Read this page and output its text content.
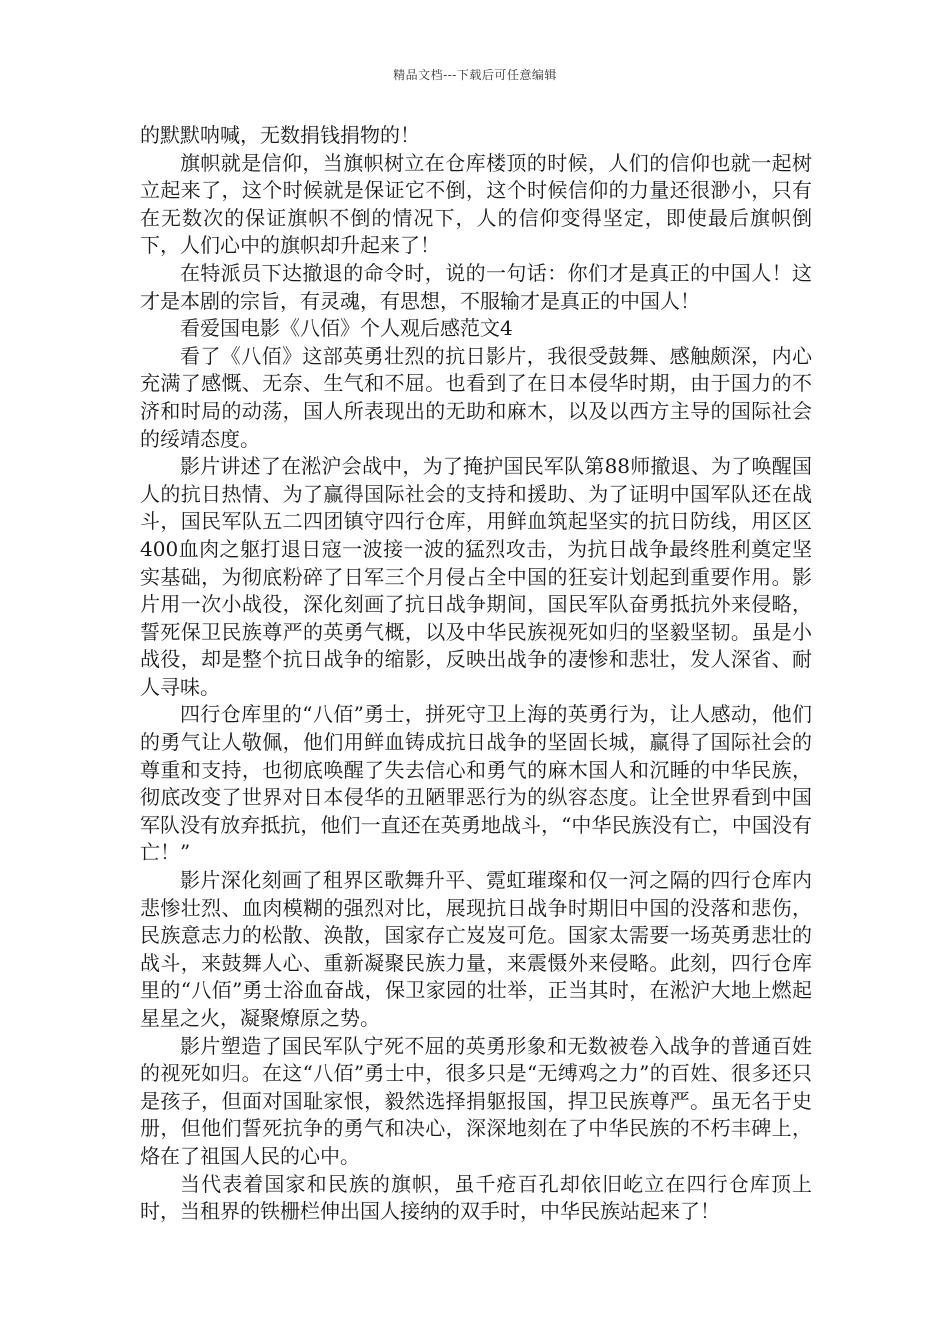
精品文档---下载后可任意编辑

的默默呐喊，无数捐钱捐物的！

旗帜就是信仰，当旗帜树立在仓库楼顶的时候，人们的信仰也就一起树立起来了，这个时候就是保证它不倒，这个时候信仰的力量还很渺小，只有在无数次的保证旗帜不倒的情况下，人的信仰变得坚定，即使最后旗帜倒下，人们心中的旗帜却升起来了！

在特派员下达撤退的命令时，说的一句话：你们才是真正的中国人！这才是本剧的宗旨，有灵魂，有思想，不服输才是真正的中国人！

看爱国电影《八佰》个人观后感范文4

看了《八佰》这部英勇壮烈的抗日影片，我很受鼓舞、感触颇深，内心充满了感慨、无奈、生气和不屈。也看到了在日本侵华时期，由于国力的不济和时局的动荡，国人所表现出的无助和麻木，以及以西方主导的国际社会的绥靖态度。

影片讲述了在淞沪会战中，为了掩护国民军队第88师撤退、为了唤醒国人的抗日热情、为了赢得国际社会的支持和援助、为了证明中国军队还在战斗，国民军队五二四团镇守四行仓库，用鲜血筑起坚实的抗日防线，用区区400血肉之躯打退日寇一波接一波的猛烈攻击，为抗日战争最终胜利奠定坚实基础，为彻底粉碎了日军三个月侵占全中国的狂妄计划起到重要作用。影片用一次小战役，深化刻画了抗日战争期间，国民军队奋勇抵抗外来侵略，誓死保卫民族尊严的英勇气概，以及中华民族视死如归的坚毅坚韧。虽是小战役，却是整个抗日战争的缩影，反映出战争的凄惨和悲壮，发人深省、耐人寻味。

四行仓库里的“八佰”勇士，拼死守卫上海的英勇行为，让人感动，他们的勇气让人敬佩，他们用鲜血铸成抗日战争的坚固长城，赢得了国际社会的尊重和支持，也彻底唤醒了失去信心和勇气的麻木国人和沉睡的中华民族，彻底改变了世界对日本侵华的丑陋罪恶行为的纵容态度。让全世界看到中国军队没有放弃抵抗，他们一直还在英勇地战斗，“中华民族没有亡，中国没有亡！”

影片深化刻画了租界区歌舞升平、霓虹璀璨和仅一河之隔的四行仓库内悲惨壮烈、血肉模糊的强烈对比，展现抗日战争时期旧中国的没落和悲伤，民族意志力的松散、涣散，国家存亡岌岌可危。国家太需要一场英勇悲壮的战斗，来鼓舞人心、重新凝聚民族力量，来震慑外来侵略。此刻，四行仓库里的“八佰”勇士浴血奋战，保卫家园的壮举，正当其时，在淞沪大地上燃起星星之火，凝聚燎原之势。

影片塑造了国民军队宁死不屈的英勇形象和无数被卷入战争的普通百姓的视死如归。在这“八佰”勇士中，很多只是“无缚鸡之力”的百姓、很多还只是孩子，但面对国耻家恨，毅然选择捐躯报国，捍卫民族尊严。虽无名于史册，但他们誓死抗争的勇气和决心，深深地刻在了中华民族的不朽丰碑上，烙在了祖国人民的心中。

当代表着国家和民族的旗帜，虽千疮百孔却依旧屹立在四行仓库顶上时，当租界的铁栅栏伸出国人接纳的双手时，中华民族站起来了！
